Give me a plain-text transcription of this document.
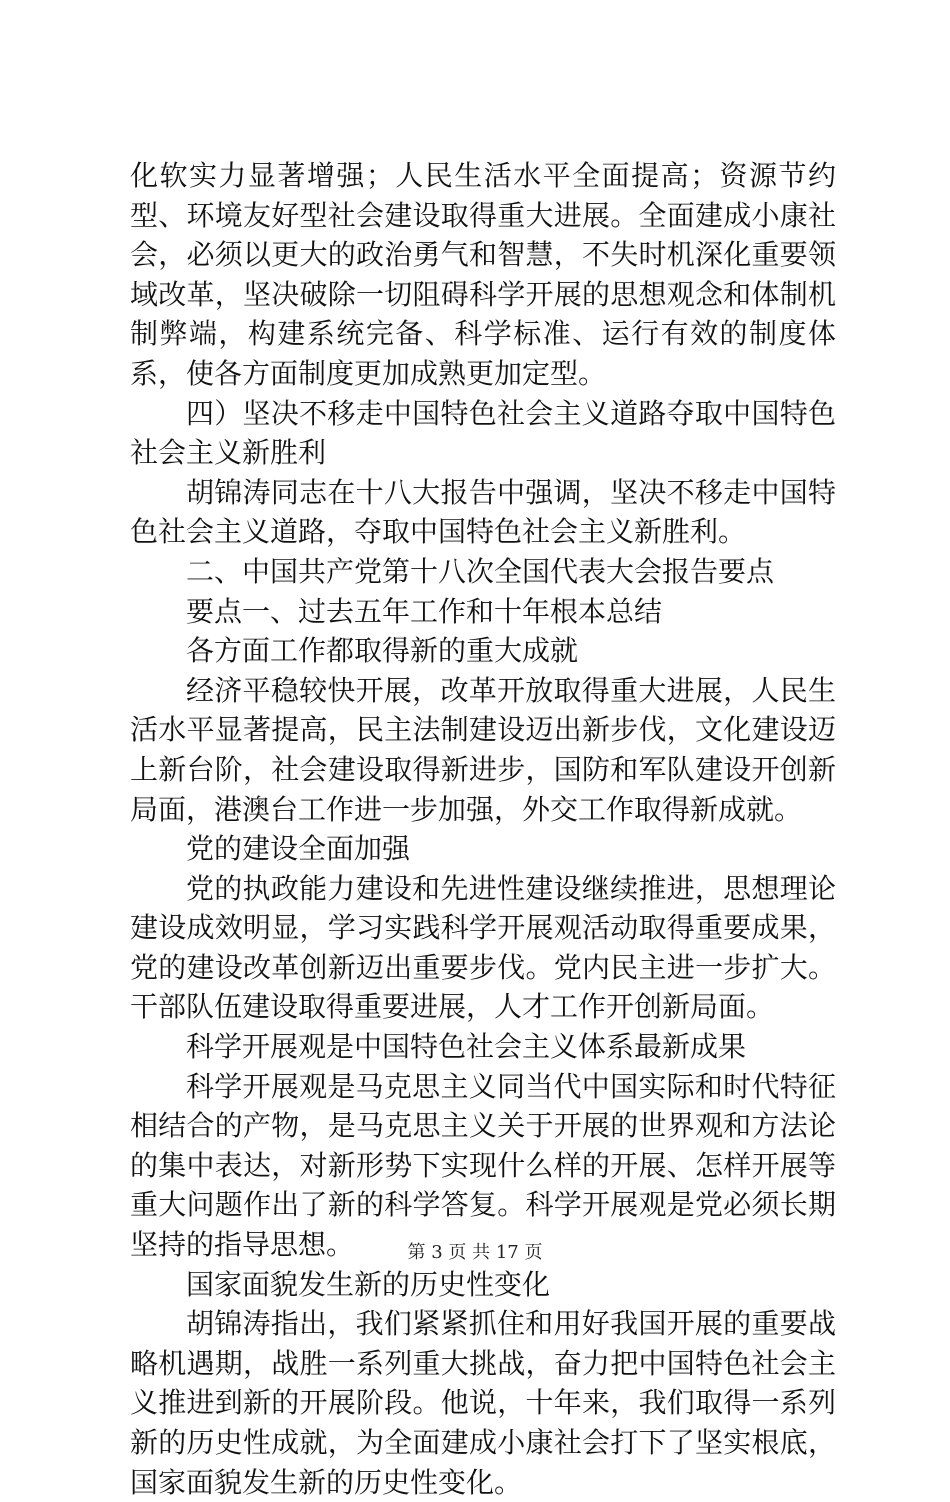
化软实力显著增强；人民生活水平全面提高；资源节约型、环境友好型社会建设取得重大进展。全面建成小康社会，必须以更大的政治勇气和智慧，不失时机深化重要领域改革，坚决破除一切阻碍科学开展的思想观念和体制机制弊端，构建系统完备、科学标准、运行有效的制度体系，使各方面制度更加成熟更加定型。

四）坚决不移走中国特色社会主义道路夺取中国特色社会主义新胜利

胡锦涛同志在十八大报告中强调，坚决不移走中国特色社会主义道路，夺取中国特色社会主义新胜利。

二、中国共产党第十八次全国代表大会报告要点

要点一、过去五年工作和十年根本总结

各方面工作都取得新的重大成就

经济平稳较快开展，改革开放取得重大进展，人民生活水平显著提高，民主法制建设迈出新步伐，文化建设迈上新台阶，社会建设取得新进步，国防和军队建设开创新局面，港澳台工作进一步加强，外交工作取得新成就。

党的建设全面加强

党的执政能力建设和先进性建设继续推进，思想理论建设成效明显，学习实践科学开展观活动取得重要成果，党的建设改革创新迈出重要步伐。党内民主进一步扩大。干部队伍建设取得重要进展，人才工作开创新局面。

科学开展观是中国特色社会主义体系最新成果

科学开展观是马克思主义同当代中国实际和时代特征相结合的产物，是马克思主义关于开展的世界观和方法论的集中表达，对新形势下实现什么样的开展、怎样开展等重大问题作出了新的科学答复。科学开展观是党必须长期坚持的指导思想。

国家面貌发生新的历史性变化

胡锦涛指出，我们紧紧抓住和用好我国开展的重要战略机遇期，战胜一系列重大挑战，奋力把中国特色社会主义推进到新的开展阶段。他说，十年来，我们取得一系列新的历史性成就，为全面建成小康社会打下了坚实根底，国家面貌发生新的历史性变化。

第 3 页 共 17 页
